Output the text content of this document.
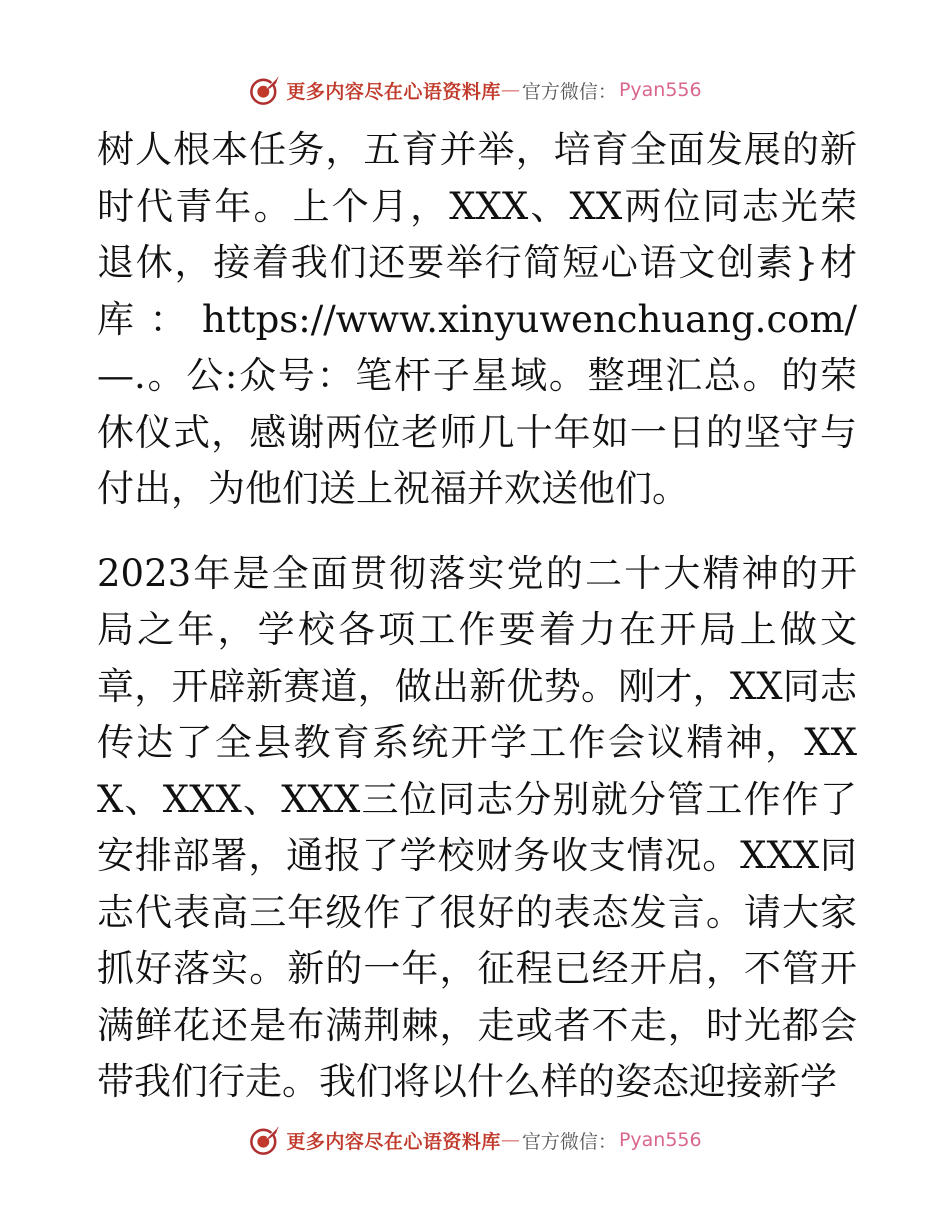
更多内容尽在心语资料库 — 官方微信： Pyan556

树人根本任务，五育并举，培育全面发展的新时代青年。上个月，XXX、XX两位同志光荣退休，接着我们还要举行简短心语文创素}材库：https://www.xinyuwenchuang.com/—.。公:众号：笔杆子星域。整理汇总。的荣休仪式，感谢两位老师几十年如一日的坚守与付出，为他们送上祝福并欢送他们。

2023年是全面贯彻落实党的二十大精神的开局之年，学校各项工作要着力在开局上做文章，开辟新赛道，做出新优势。刚才，XX同志传达了全县教育系统开学工作会议精神，XXX、XXX、XXX三位同志分别就分管工作作了安排部署，通报了学校财务收支情况。XXX同志代表高三年级作了很好的表态发言。请大家抓好落实。新的一年，征程已经开启，不管开满鲜花还是布满荆棘，走或者不走，时光都会带我们行走。我们将以什么样的姿态迎接新学

更多内容尽在心语资料库 — 官方微信： Pyan556
